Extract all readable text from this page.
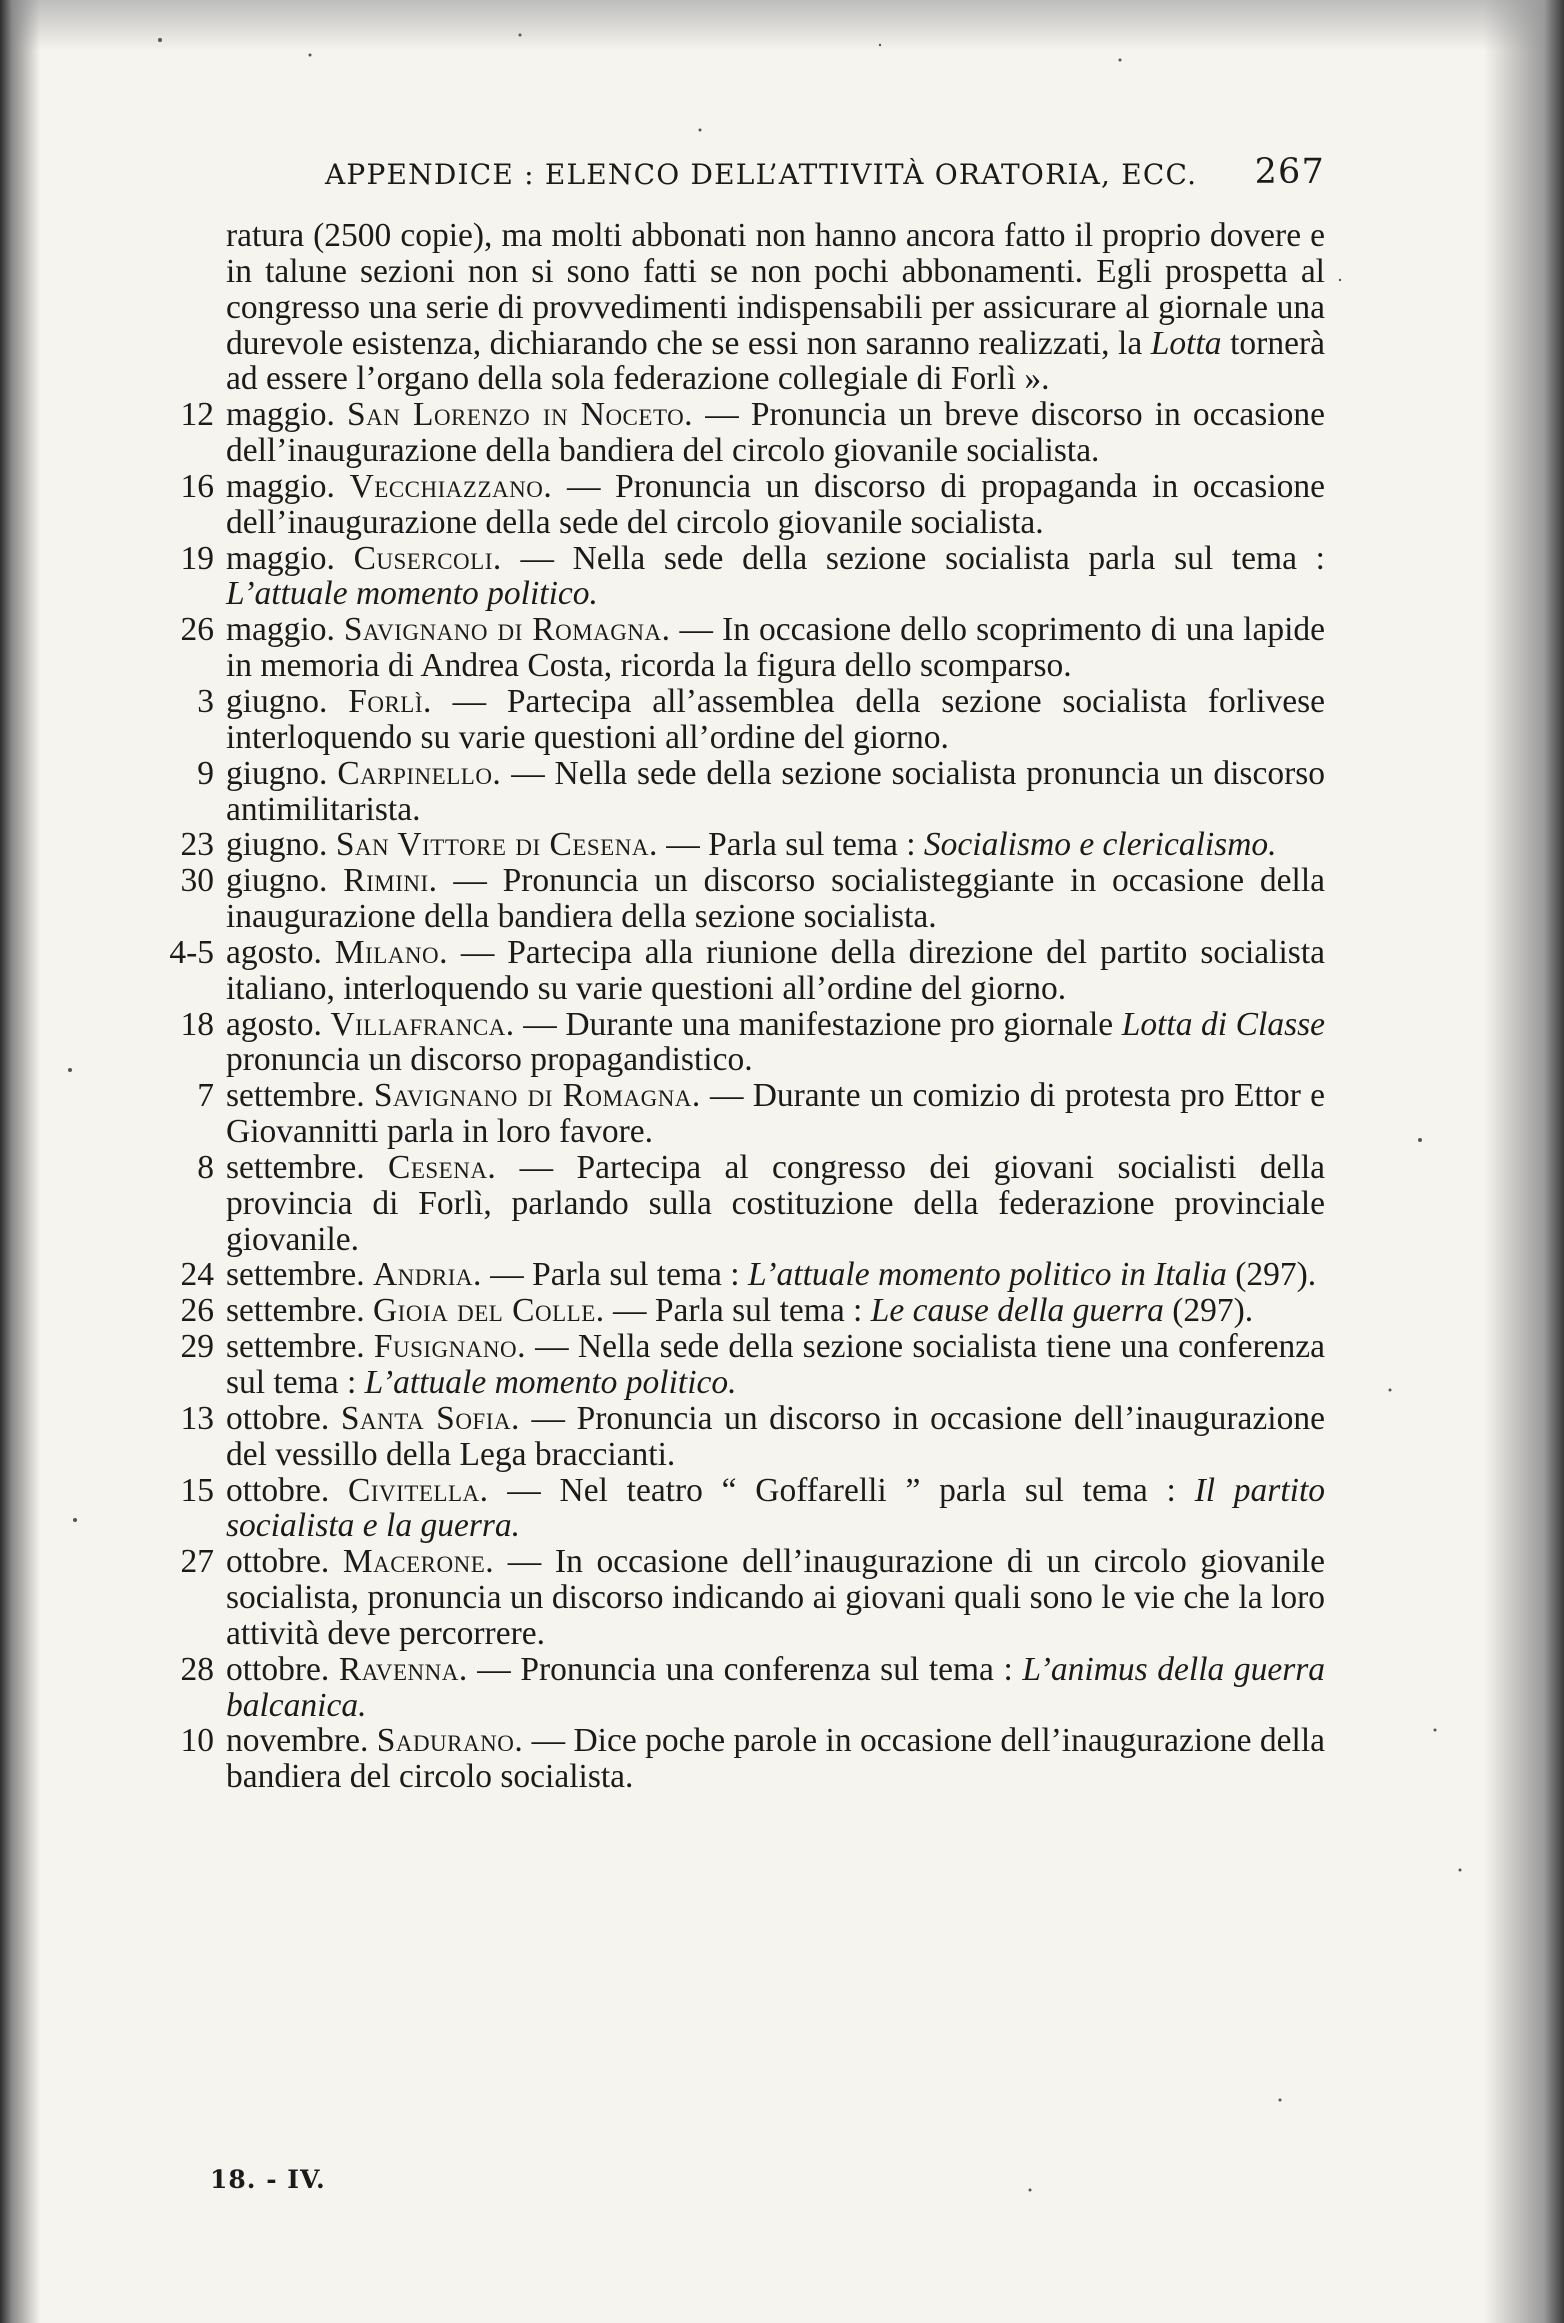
APPENDICE : ELENCO DELL’ATTIVITÀ ORATORIA, ECC. 267

ratura (2500 copie), ma molti abbonati non hanno ancora fatto il proprio dovere e in talune sezioni non si sono fatti se non pochi abbonamenti. Egli prospetta al congresso una serie di provvedimenti indispensabili per assicurare al giornale una durevole esistenza, dichiarando che se essi non saranno realizzati, la Lotta tornerà ad essere l’organo della sola federazione collegiale di Forlì ».

12 maggio. San Lorenzo in Noceto. — Pronuncia un breve discorso in occasione dell’inaugurazione della bandiera del circolo giovanile socialista.
16 maggio. Vecchiazzano. — Pronuncia un discorso di propaganda in occasione dell’inaugurazione della sede del circolo giovanile socialista.
19 maggio. Cusercoli. — Nella sede della sezione socialista parla sul tema : L’attuale momento politico.
26 maggio. Savignano di Romagna. — In occasione dello scoprimento di una lapide in memoria di Andrea Costa, ricorda la figura dello scomparso.
3 giugno. Forlì. — Partecipa all’assemblea della sezione socialista forlivese interloquendo su varie questioni all’ordine del giorno.
9 giugno. Carpinello. — Nella sede della sezione socialista pronuncia un discorso antimilitarista.
23 giugno. San Vittore di Cesena. — Parla sul tema : Socialismo e clericalismo.
30 giugno. Rimini. — Pronuncia un discorso socialisteggiante in occasione della inaugurazione della bandiera della sezione socialista.
4-5 agosto. Milano. — Partecipa alla riunione della direzione del partito socialista italiano, interloquendo su varie questioni all’ordine del giorno.
18 agosto. Villafranca. — Durante una manifestazione pro giornale Lotta di Classe pronuncia un discorso propagandistico.
7 settembre. Savignano di Romagna. — Durante un comizio di protesta pro Ettor e Giovannitti parla in loro favore.
8 settembre. Cesena. — Partecipa al congresso dei giovani socialisti della provincia di Forlì, parlando sulla costituzione della federazione provinciale giovanile.
24 settembre. Andria. — Parla sul tema : L’attuale momento politico in Italia (297).
26 settembre. Gioia del Colle. — Parla sul tema : Le cause della guerra (297).
29 settembre. Fusignano. — Nella sede della sezione socialista tiene una conferenza sul tema : L’attuale momento politico.
13 ottobre. Santa Sofia. — Pronuncia un discorso in occasione dell’inaugurazione del vessillo della Lega braccianti.
15 ottobre. Civitella. — Nel teatro “ Goffarelli ” parla sul tema : Il partito socialista e la guerra.
27 ottobre. Macerone. — In occasione dell’inaugurazione di un circolo giovanile socialista, pronuncia un discorso indicando ai giovani quali sono le vie che la loro attività deve percorrere.
28 ottobre. Ravenna. — Pronuncia una conferenza sul tema : L’animus della guerra balcanica.
10 novembre. Sadurano. — Dice poche parole in occasione dell’inaugurazione della bandiera del circolo socialista.
18. - IV.
